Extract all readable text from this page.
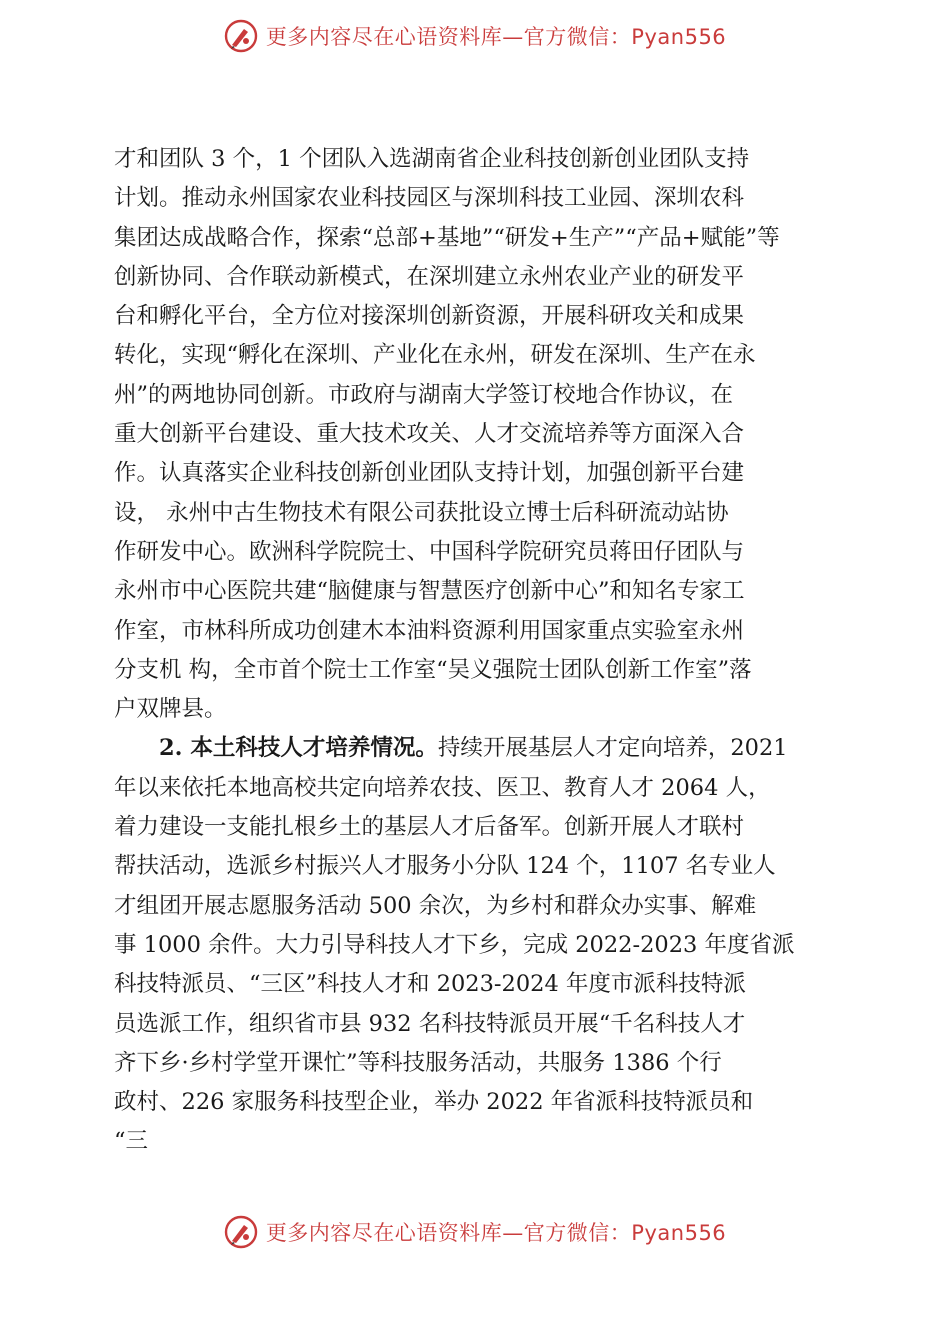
更多内容尽在心语资料库—官方微信：Pyan556
才和团队 3 个，1 个团队入选湖南省企业科技创新创业团队支持
计划。推动永州国家农业科技园区与深圳科技工业园、深圳农科
集团达成战略合作，探索“总部+基地”“研发+生产”“产品+赋能”等
创新协同、合作联动新模式，在深圳建立永州农业产业的研发平
台和孵化平台，全方位对接深圳创新资源，开展科研攻关和成果
转化，实现“孵化在深圳、产业化在永州，研发在深圳、生产在永
州”的两地协同创新。市政府与湖南大学签订校地合作协议，在
重大创新平台建设、重大技术攻关、人才交流培养等方面深入合
作。认真落实企业科技创新创业团队支持计划，加强创新平台建
设， 永州中古生物技术有限公司获批设立博士后科研流动站协
作研发中心。欧洲科学院院士、中国科学院研究员蒋田仔团队与
永州市中心医院共建“脑健康与智慧医疗创新中心”和知名专家工
作室，市林科所成功创建木本油料资源利用国家重点实验室永州
分支机 构，全市首个院士工作室“吴义强院士团队创新工作室”落
户双牌县。
2. 本土科技人才培养情况。持续开展基层人才定向培养，2021
年以来依托本地高校共定向培养农技、医卫、教育人才 2064 人，
着力建设一支能扎根乡土的基层人才后备军。创新开展人才联村
帮扶活动，选派乡村振兴人才服务小分队 124 个，1107 名专业人
才组团开展志愿服务活动 500 余次，为乡村和群众办实事、解难
事 1000 余件。大力引导科技人才下乡，完成 2022-2023 年度省派
科技特派员、“三区”科技人才和 2023-2024 年度市派科技特派
员选派工作，组织省市县 932 名科技特派员开展“千名科技人才
齐下乡·乡村学堂开课忙”等科技服务活动，共服务 1386 个行
政村、226 家服务科技型企业，举办 2022 年省派科技特派员和
“三
更多内容尽在心语资料库—官方微信：Pyan556
